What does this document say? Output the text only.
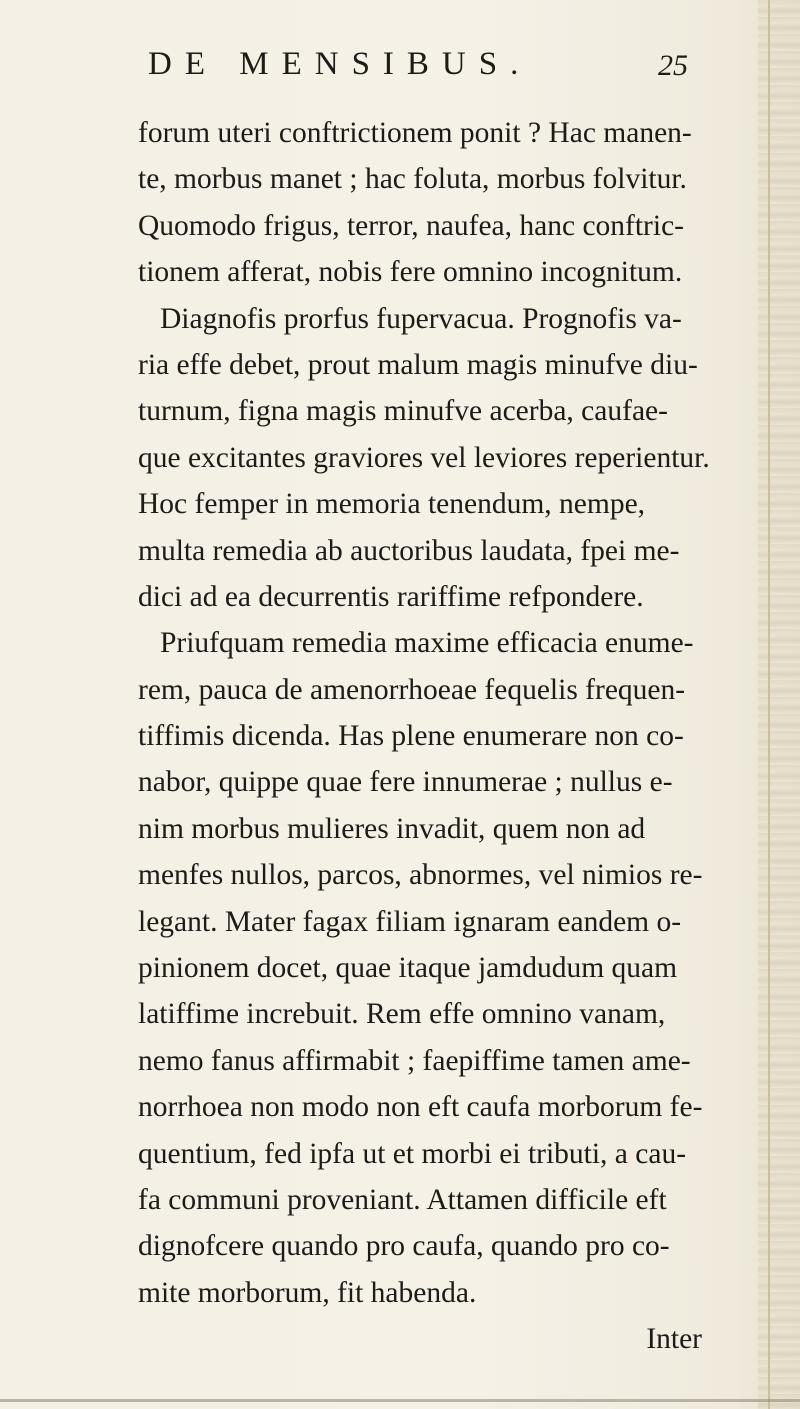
DE MENSIBUS.	25
forum uteri conftrictionem ponit ? Hac manen-
te, morbus manet ; hac foluta, morbus folvitur.
Quomodo frigus, terror, naufea, hanc conftric-
tionem afferat, nobis fere omnino incognitum.
Diagnofis prorfus fupervacua. Prognofis va-
ria effe debet, prout malum magis minufve diu-
turnum, figna magis minufve acerba, caufae-
que excitantes graviores vel leviores reperientur.
Hoc femper in memoria tenendum, nempe,
multa remedia ab auctoribus laudata, fpei me-
dici ad ea decurrentis rariffime refpondere.
Priufquam remedia maxime efficacia enume-
rem, pauca de amenorrhoeae fequelis frequen-
tiffimis dicenda. Has plene enumerare non co-
nabor, quippe quae fere innumerae ; nullus e-
nim morbus mulieres invadit, quem non ad
menfes nullos, parcos, abnormes, vel nimios re-
legant. Mater fagax filiam ignaram eandem o-
pinionem docet, quae itaque jamdudum quam
latiffime increbuit. Rem effe omnino vanam,
nemo fanus affirmabit ; faepiffime tamen ame-
norrhoea non modo non eft caufa morborum fe-
quentium, fed ipfa ut et morbi ei tributi, a cau-
fa communi proveniant. Attamen difficile eft
dignofcere quando pro caufa, quando pro co-
mite morborum, fit habenda.
Inter
